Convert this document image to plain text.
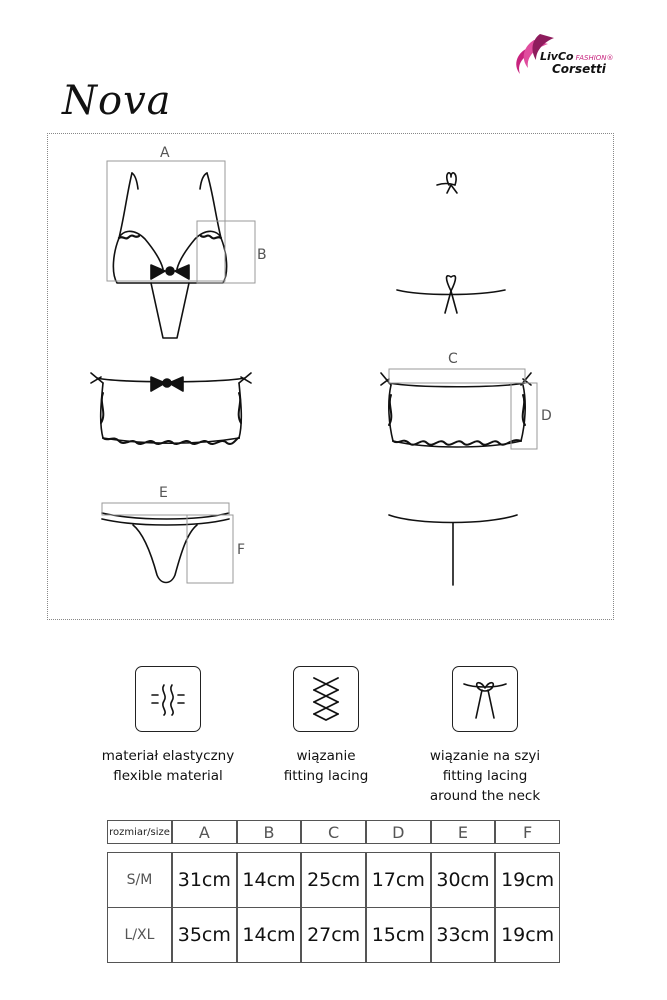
LivCo FASHION®
Corsetti
Nova
A
B
C
D
E
F
materiał elastyczny
flexible material
wiązanie
fitting lacing
wiązanie na szyi
fitting lacing
around the neck
rozmiar/size	A	B	C	D	E	F

S/M	31cm	14cm	25cm	17cm	30cm	19cm
L/XL	35cm	14cm	27cm	15cm	33cm	19cm
